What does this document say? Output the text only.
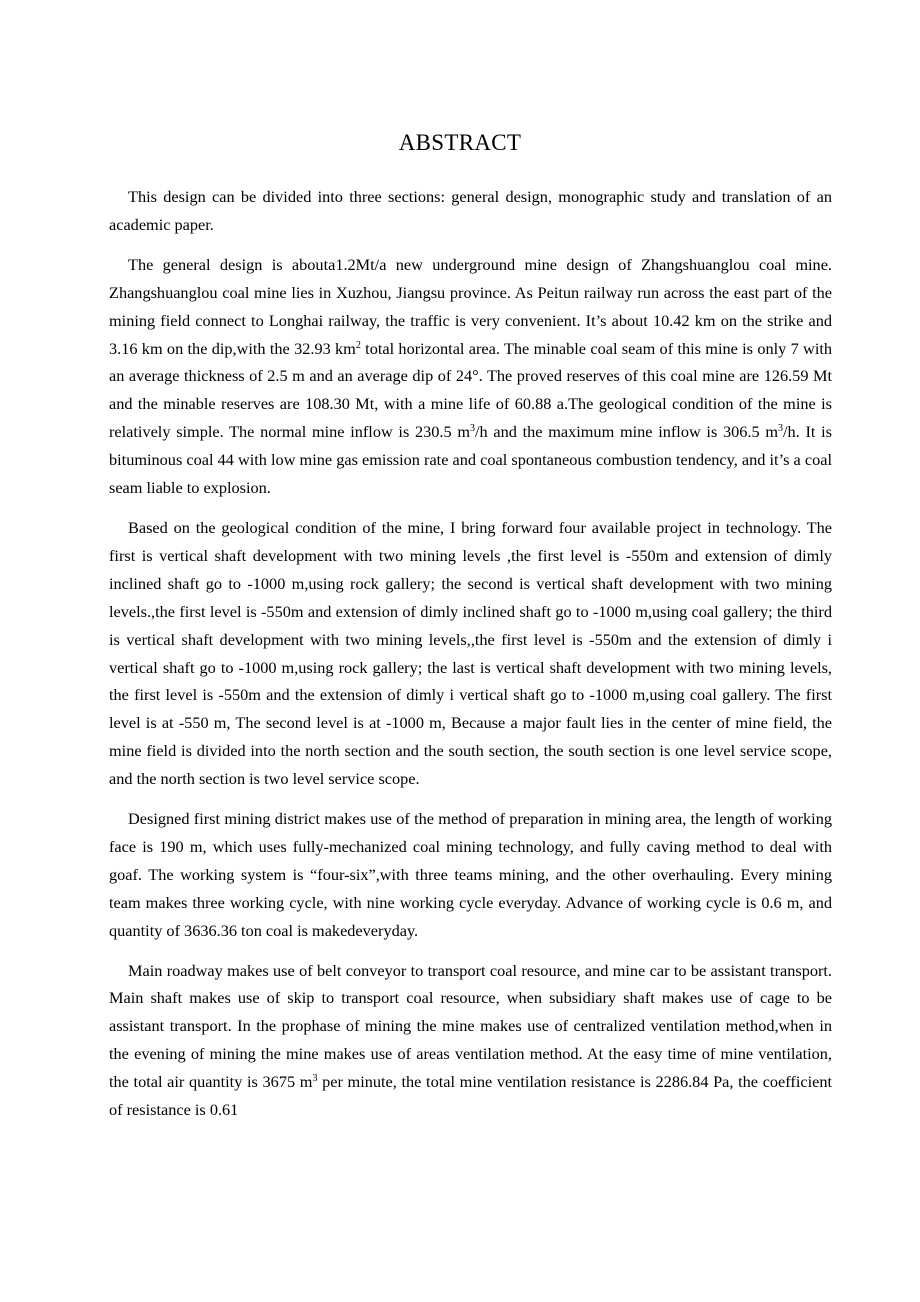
ABSTRACT

This design can be divided into three sections: general design, monographic study and translation of an academic paper.

The general design is abouta1.2Mt/a new underground mine design of Zhangshuanglou coal mine. Zhangshuanglou coal mine lies in Xuzhou, Jiangsu province. As Peitun railway run across the east part of the mining field connect to Longhai railway, the traffic is very convenient. It’s about 10.42 km on the strike and 3.16 km on the dip,with the 32.93 $km^2$ total horizontal area. The minable coal seam of this mine is only 7 with an average thickness of 2.5 m and an average dip of 24°. The proved reserves of this coal mine are 126.59 Mt and the minable reserves are 108.30 Mt, with a mine life of 60.88 a.The geological condition of the mine is relatively simple. The normal mine inflow is 230.5 $m^3/h$ and the maximum mine inflow is 306.5 $m^3/h$. It is bituminous coal 44 with low mine gas emission rate and coal spontaneous combustion tendency, and it’s a coal seam liable to explosion.

Based on the geological condition of the mine, I bring forward four available project in technology. The first is vertical shaft development with two mining levels ,the first level is -550m and extension of dimly inclined shaft go to -1000 m,using rock gallery; the second is vertical shaft development with two mining levels.,the first level is -550m and extension of dimly inclined shaft go to -1000 m,using coal gallery; the third is vertical shaft development with two mining levels,,the first level is -550m and the extension of dimly i vertical shaft go to -1000 m,using rock gallery; the last is vertical shaft development with two mining levels, the first level is -550m and the extension of dimly i vertical shaft go to -1000 m,using coal gallery. The first level is at -550 m, The second level is at -1000 m, Because a major fault lies in the center of mine field, the mine field is divided into the north section and the south section, the south section is one level service scope, and the north section is two level service scope.

Designed first mining district makes use of the method of preparation in mining area, the length of working face is 190 m, which uses fully-mechanized coal mining technology, and fully caving method to deal with goaf. The working system is “four-six”,with three teams mining, and the other overhauling. Every mining team makes three working cycle, with nine working cycle everyday. Advance of working cycle is 0.6 m, and quantity of 3636.36 ton coal is makedeveryday.

Main roadway makes use of belt conveyor to transport coal resource, and mine car to be assistant transport. Main shaft makes use of skip to transport coal resource, when subsidiary shaft makes use of cage to be assistant transport. In the prophase of mining the mine makes use of centralized ventilation method,when in the evening of mining the mine makes use of areas ventilation method. At the easy time of mine ventilation, the total air quantity is 3675 $m^3$ per minute, the total mine ventilation resistance is 2286.84 Pa, the coefficient of resistance is 0.61
